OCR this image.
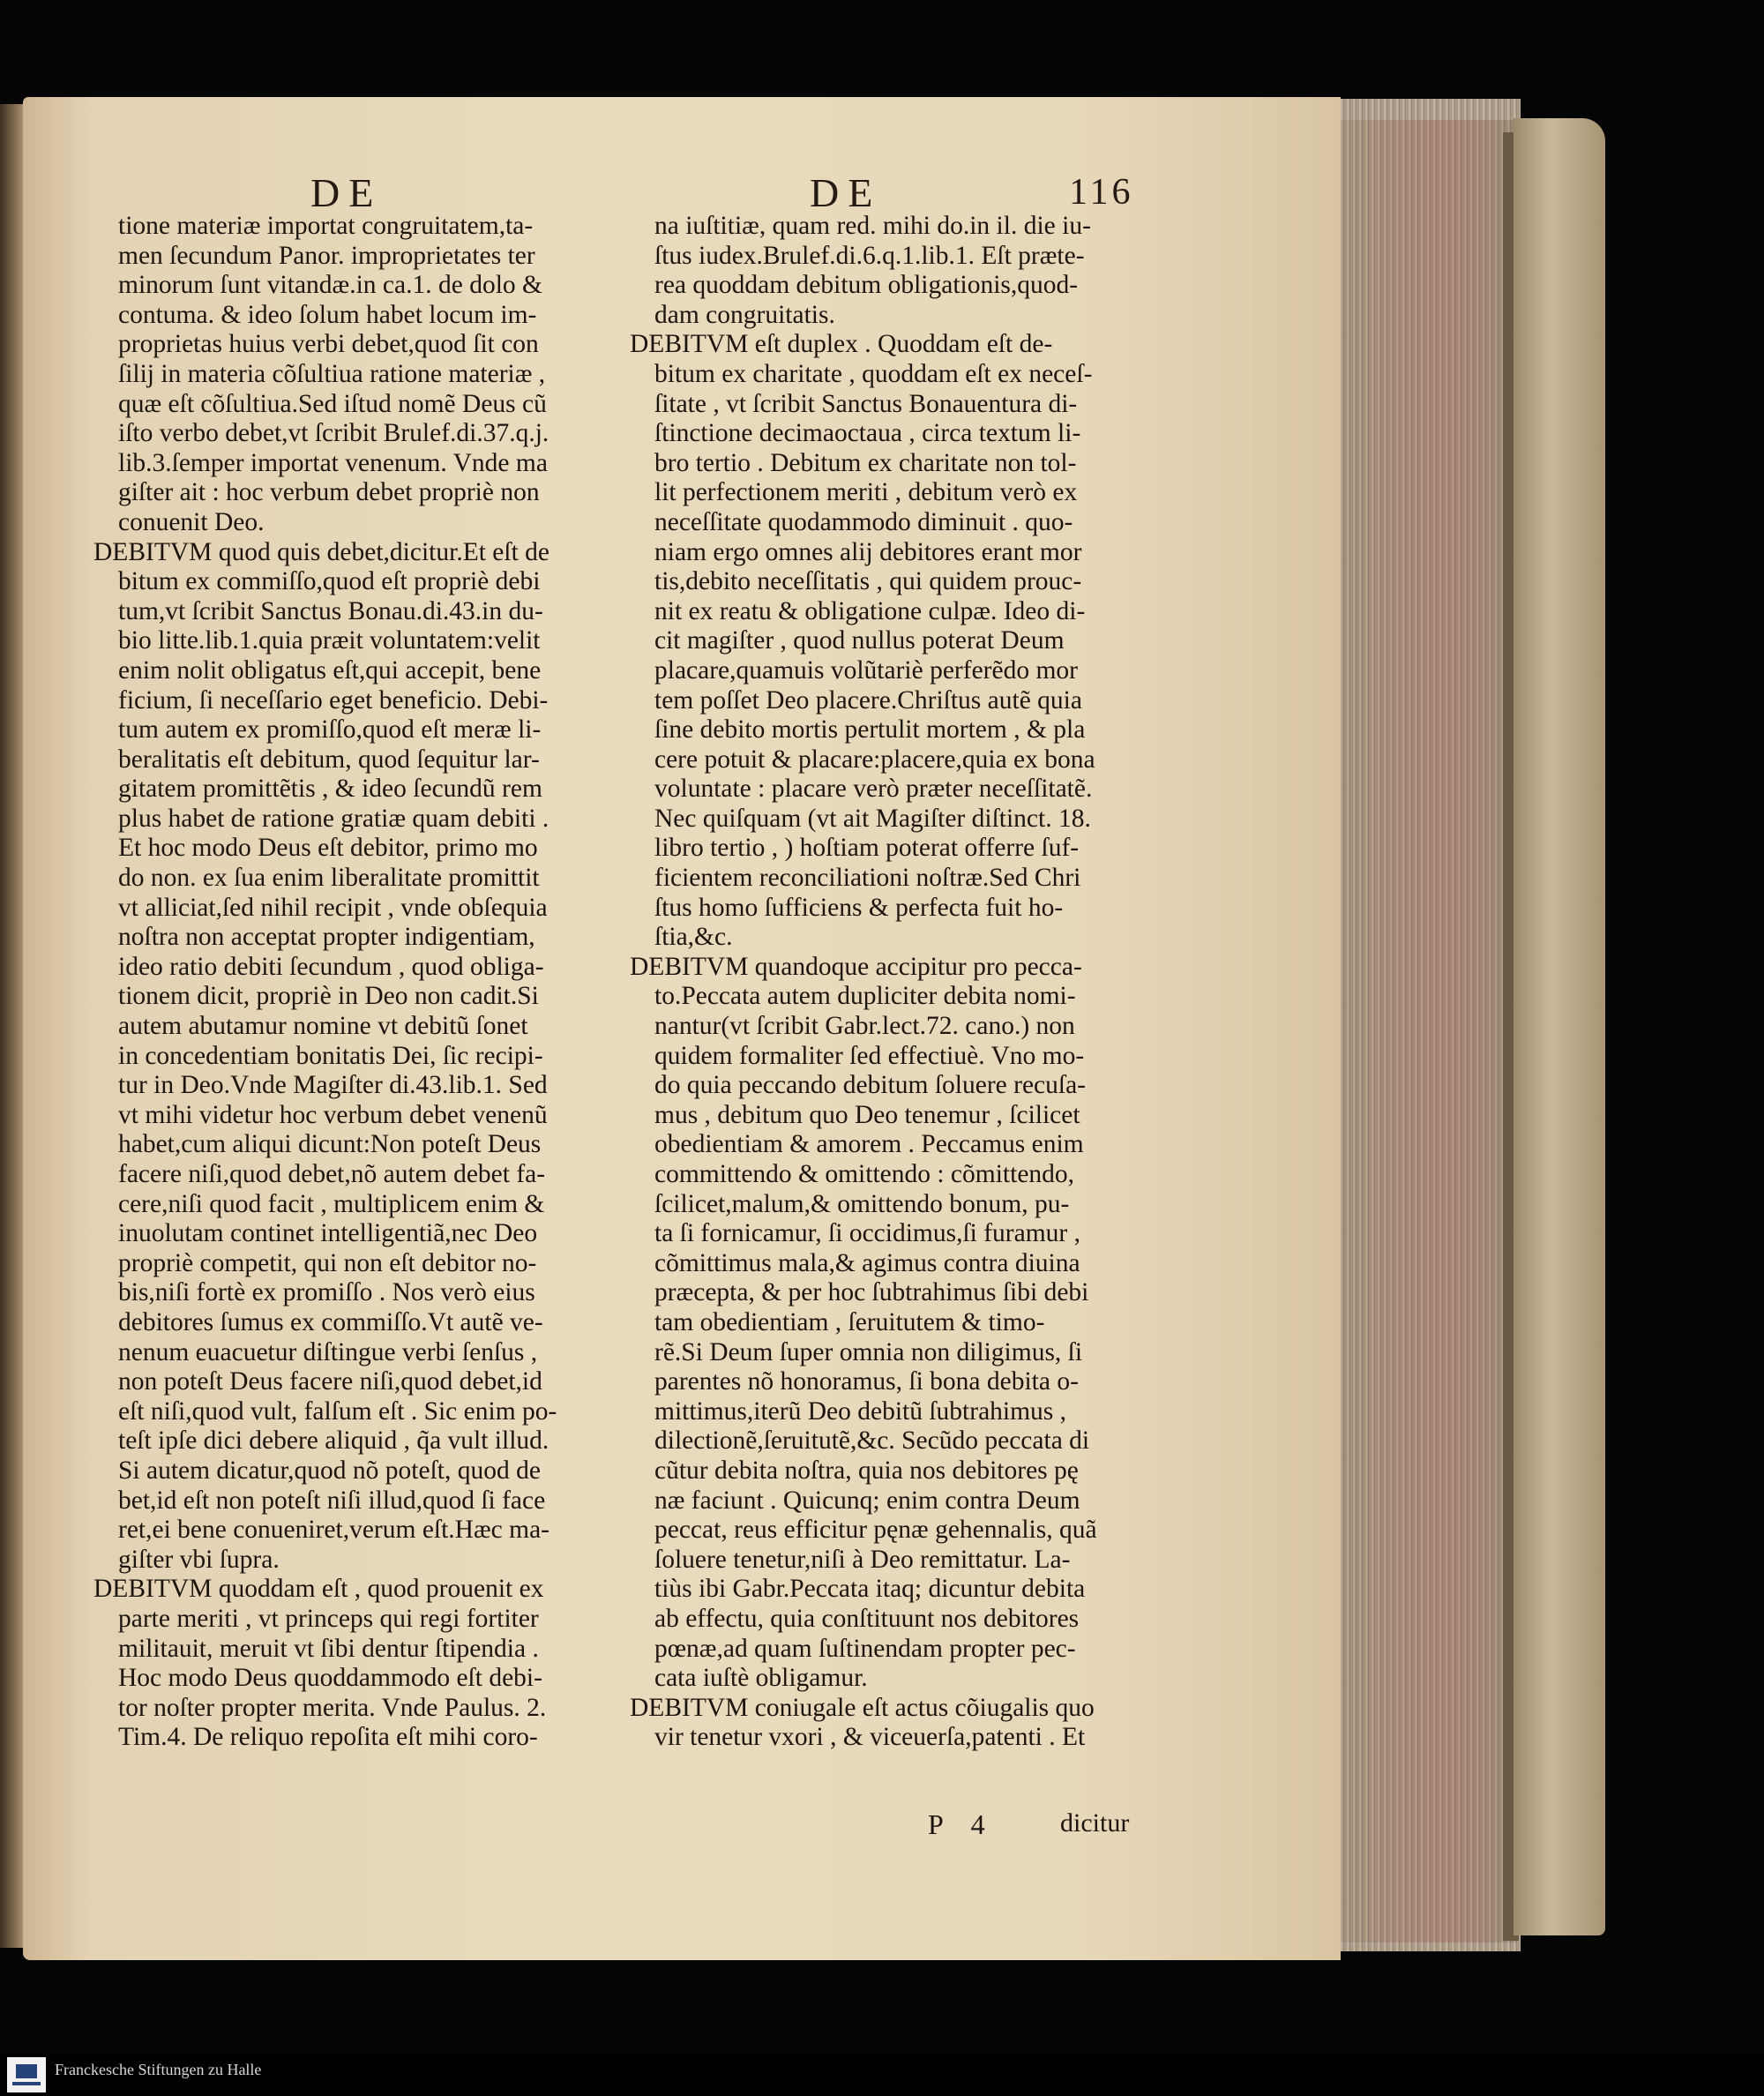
DE	DE	116

tione materiæ importat congruitatem,ta-

men ſecundum Panor. improprietates ter

minorum ſunt vitandæ.in ca.1. de dolo &

contuma. & ideo ſolum habet locum im-

proprietas huius verbi debet,quod ſit con

ſilij in materia cõſultiua ratione materiæ ,

quæ eſt cõſultiua.Sed iſtud nomẽ Deus cũ

iſto verbo debet,vt ſcribit Brulef.di.37.q.j.

lib.3.ſemper importat venenum. Vnde ma

giſter ait : hoc verbum debet propriè non

conuenit Deo.

DEBITVM quod quis debet,dicitur.Et eſt de

bitum ex commiſſo,quod eſt propriè debi

tum,vt ſcribit Sanctus Bonau.di.43.in du-

bio litte.lib.1.quia præit voluntatem:velit

enim nolit obligatus eſt,qui accepit, bene

ficium, ſi neceſſario eget beneficio. Debi-

tum autem ex promiſſo,quod eſt meræ li-

beralitatis eſt debitum, quod ſequitur lar-

gitatem promittẽtis , & ideo ſecundũ rem

plus habet de ratione gratiæ quam debiti .

Et hoc modo Deus eſt debitor, primo mo

do non. ex ſua enim liberalitate promittit

vt alliciat,ſed nihil recipit , vnde obſequia

noſtra non acceptat propter indigentiam,

ideo ratio debiti ſecundum , quod obliga-

tionem dicit, propriè in Deo non cadit.Si

autem abutamur nomine vt debitũ ſonet

in concedentiam bonitatis Dei, ſic recipi-

tur in Deo.Vnde Magiſter di.43.lib.1. Sed

vt mihi videtur hoc verbum debet venenũ

habet,cum aliqui dicunt:Non poteſt Deus

facere niſi,quod debet,nõ autem debet fa-

cere,niſi quod facit , multiplicem enim &

inuolutam continet intelligentiã,nec Deo

propriè competit, qui non eſt debitor no-

bis,niſi fortè ex promiſſo . Nos verò eius

debitores ſumus ex commiſſo.Vt autẽ ve-

nenum euacuetur diſtingue verbi ſenſus ,

non poteſt Deus facere niſi,quod debet,id

eſt niſi,quod vult, falſum eſt . Sic enim po-

teſt ipſe dici debere aliquid , q̃a vult illud.

Si autem dicatur,quod nõ poteſt, quod de

bet,id eſt non poteſt niſi illud,quod ſi face

ret,ei bene conueniret,verum eſt.Hæc ma-

giſter vbi ſupra.

DEBITVM quoddam eſt , quod prouenit ex

parte meriti , vt princeps qui regi fortiter

militauit, meruit vt ſibi dentur ſtipendia .

Hoc modo Deus quoddammodo eſt debi-

tor noſter propter merita. Vnde Paulus. 2.

Tim.4. De reliquo repoſita eſt mihi coro-

na iuſtitiæ, quam red. mihi do.in il. die iu-

ſtus iudex.Brulef.di.6.q.1.lib.1. Eſt præte-

rea quoddam debitum obligationis,quod-

dam congruitatis.

DEBITVM eſt duplex . Quoddam eſt de-

bitum ex charitate , quoddam eſt ex neceſ-

ſitate , vt ſcribit Sanctus Bonauentura di-

ſtinctione decimaoctaua , circa textum li-

bro tertio . Debitum ex charitate non tol-

lit perfectionem meriti , debitum verò ex

neceſſitate quodammodo diminuit . quo-

niam ergo omnes alij debitores erant mor

tis,debito neceſſitatis , qui quidem prouc-

nit ex reatu & obligatione culpæ. Ideo di-

cit magiſter , quod nullus poterat Deum

placare,quamuis volũtariè perferẽdo mor

tem poſſet Deo placere.Chriſtus autẽ quia

ſine debito mortis pertulit mortem , & pla

cere potuit & placare:placere,quia ex bona

voluntate : placare verò præter neceſſitatẽ.

Nec quiſquam (vt ait Magiſter diſtinct. 18.

libro tertio , ) hoſtiam poterat offerre ſuf-

ficientem reconciliationi noſtræ.Sed Chri

ſtus homo ſufficiens & perfecta fuit ho-

ſtia,&c.

DEBITVM quandoque accipitur pro pecca-

to.Peccata autem dupliciter debita nomi-

nantur(vt ſcribit Gabr.lect.72. cano.) non

quidem formaliter ſed effectiuè. Vno mo-

do quia peccando debitum ſoluere recuſa-

mus , debitum quo Deo tenemur , ſcilicet

obedientiam & amorem . Peccamus enim

committendo & omittendo : cõmittendo,

ſcilicet,malum,& omittendo bonum, pu-

ta ſi fornicamur, ſi occidimus,ſi furamur ,

cõmittimus mala,& agimus contra diuina

præcepta, & per hoc ſubtrahimus ſibi debi

tam obedientiam , ſeruitutem & timo-

rẽ.Si Deum ſuper omnia non diligimus, ſi

parentes nõ honoramus, ſi bona debita o-

mittimus,iterũ Deo debitũ ſubtrahimus ,

dilectionẽ,ſeruitutẽ,&c. Secũdo peccata di

cũtur debita noſtra, quia nos debitores pę

næ faciunt . Quicunq; enim contra Deum

peccat, reus efficitur pęnæ gehennalis, quã

ſoluere tenetur,niſi à Deo remittatur. La-

tiùs ibi Gabr.Peccata itaq; dicuntur debita

ab effectu, quia conſtituunt nos debitores

pœnæ,ad quam ſuſtinendam propter pec-

cata iuſtè obligamur.

DEBITVM coniugale eſt actus cõiugalis quo

vir tenetur vxori , & viceuerſa,patenti . Et

P 4 dicitur
Franckesche Stiftungen zu Halle
